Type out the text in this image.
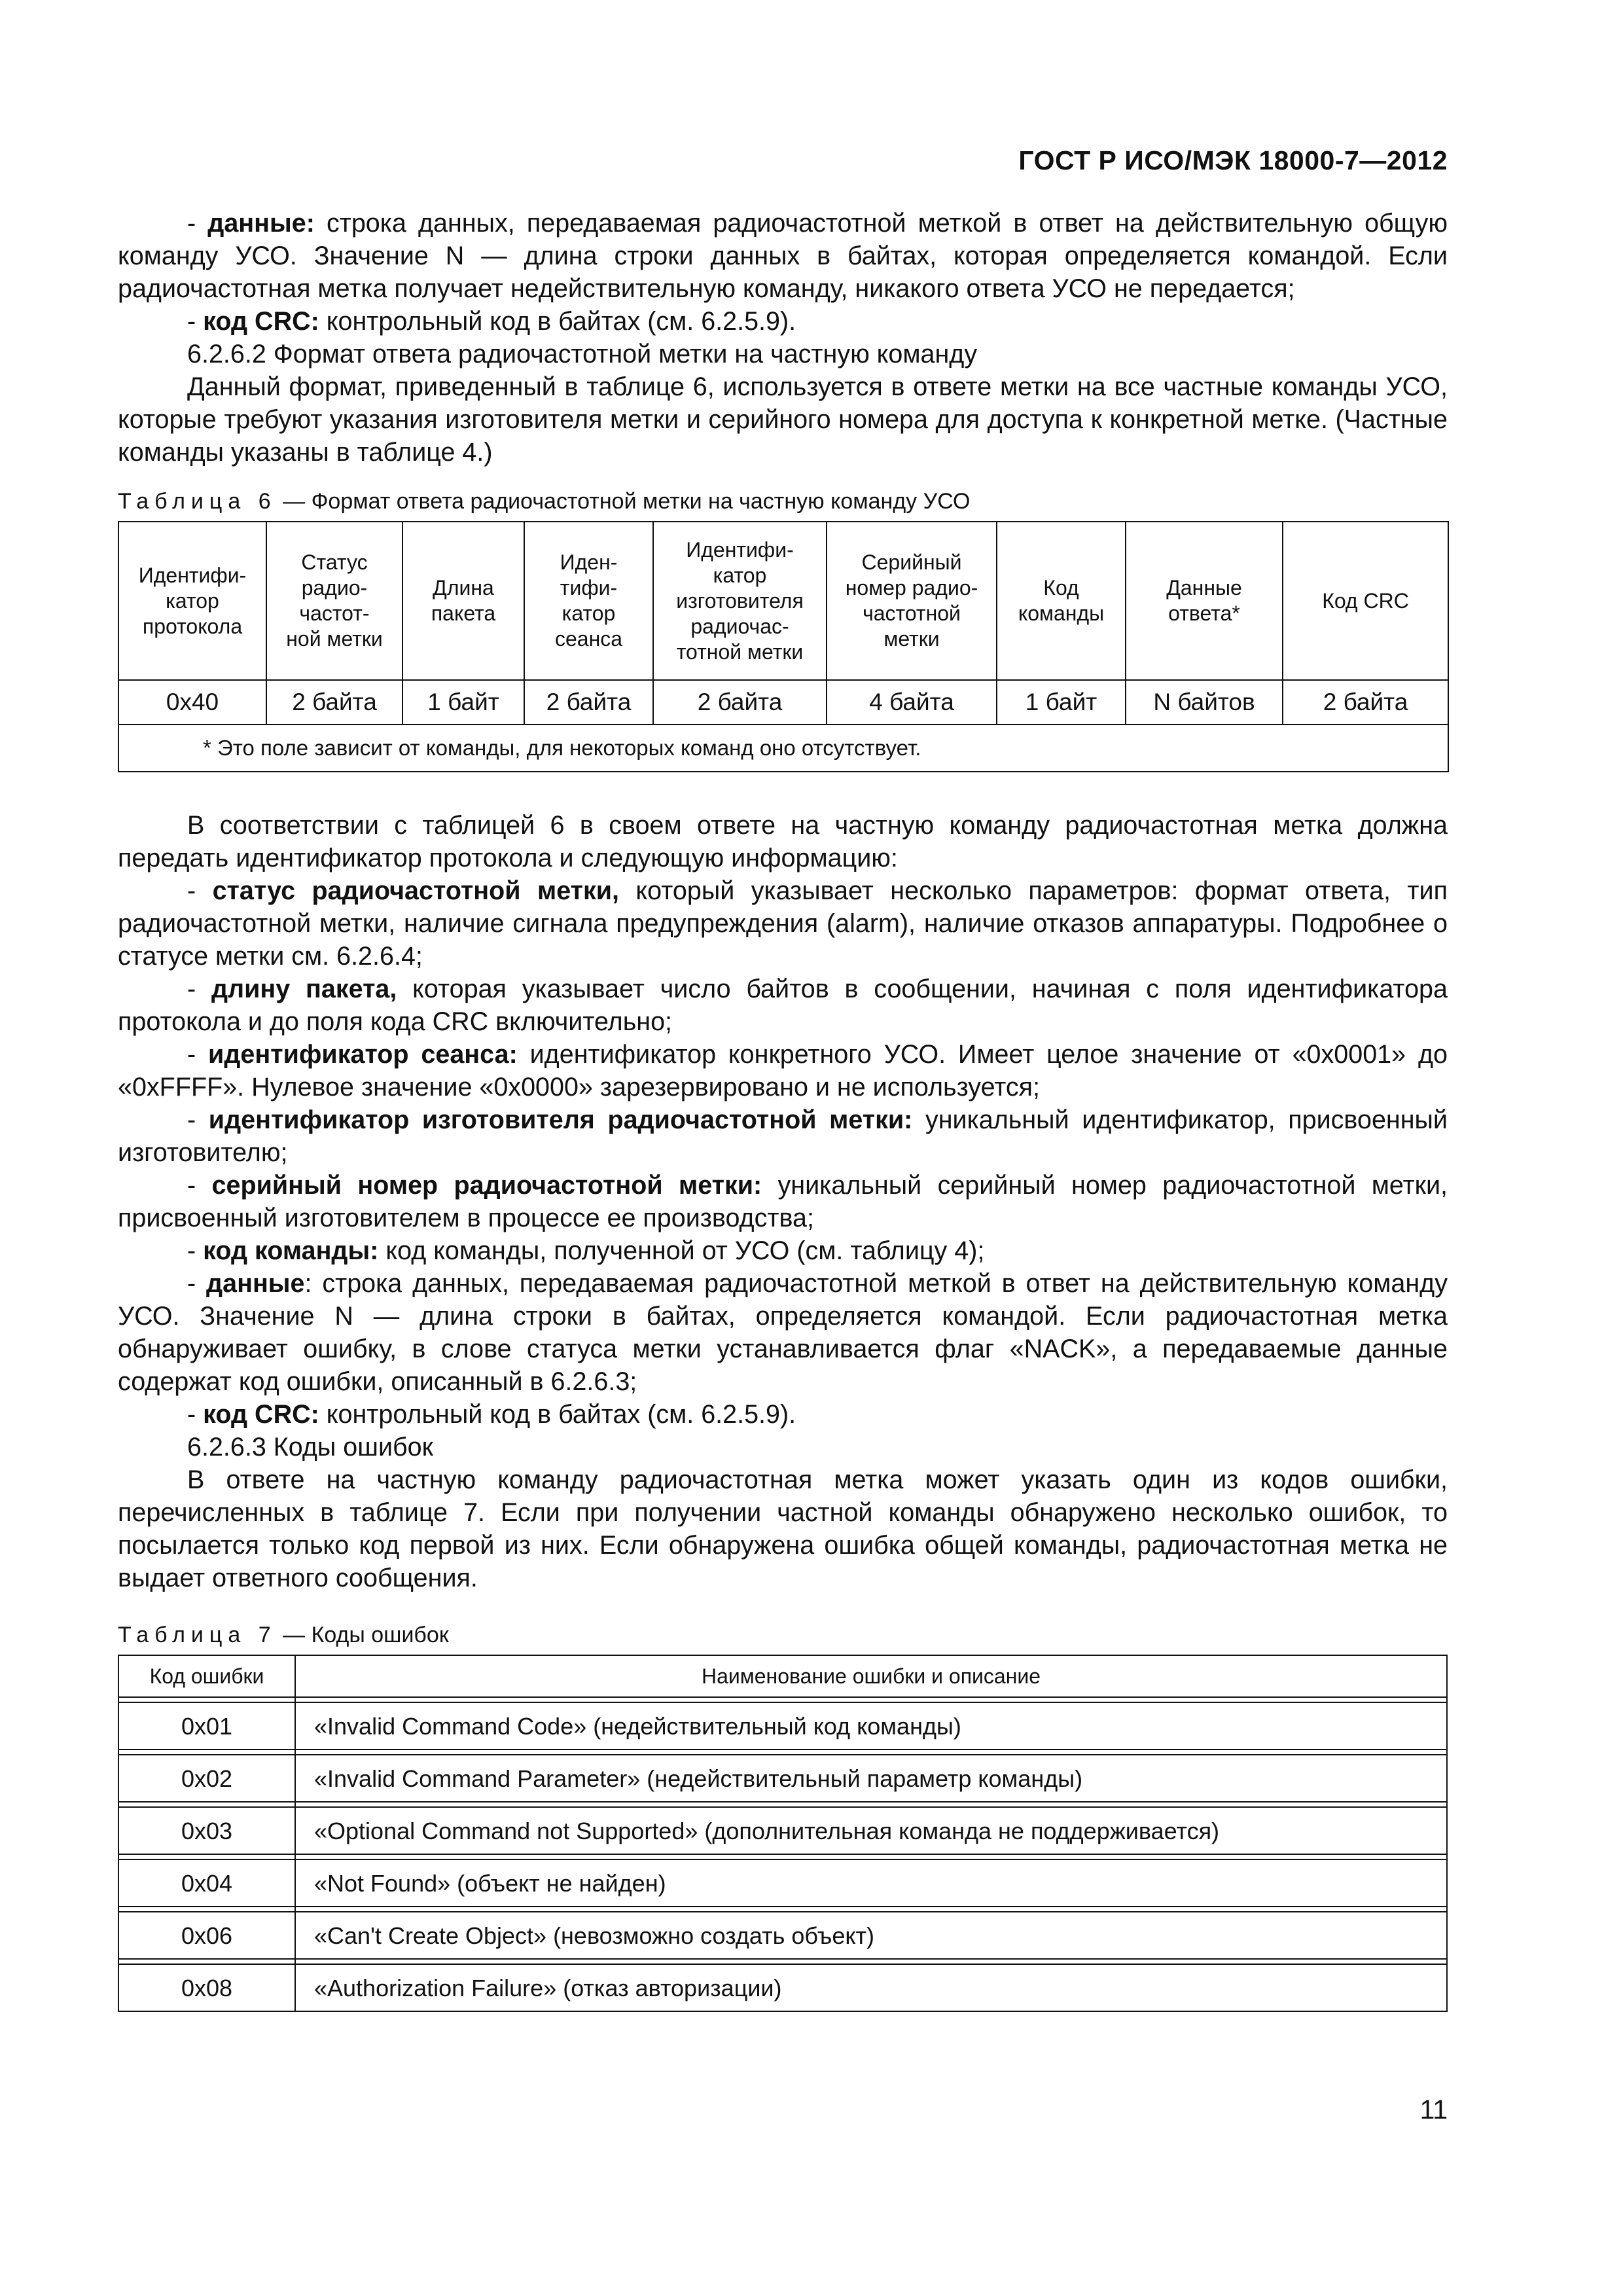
ГОСТ Р ИСО/МЭК 18000-7—2012

- данные: строка данных, передаваемая радиочастотной меткой в ответ на действительную общую команду УСО. Значение N — длина строки данных в байтах, которая определяется командой. Если радиочастотная метка получает недействительную команду, никакого ответа УСО не передается;

- код CRC: контрольный код в байтах (см. 6.2.5.9).

6.2.6.2 Формат ответа радиочастотной метки на частную команду

Данный формат, приведенный в таблице 6, используется в ответе метки на все частные команды УСО, которые требуют указания изготовителя метки и серийного номера для доступа к конкретной метке. (Частные команды указаны в таблице 4.)

Таблица 6 — Формат ответа радиочастотной метки на частную команду УСО
Идентифи-
катор
протокола	Статус
радио-
частот-
ной метки	Длина
пакета	Иден-
тифи-
катор
сеанса	Идентифи-
катор
изготовителя
радиочас-
тотной метки	Серийный
номер радио-
частотной
метки	Код
команды	Данные
ответа*	Код CRC
0x40	2 байта	1 байт	2 байта	2 байта	4 байта	1 байт	N байтов	2 байта
* Это поле зависит от команды, для некоторых команд оно отсутствует.								

В соответствии с таблицей 6 в своем ответе на частную команду радиочастотная метка должна передать идентификатор протокола и следующую информацию:

- статус радиочастотной метки, который указывает несколько параметров: формат ответа, тип радиочастотной метки, наличие сигнала предупреждения (alarm), наличие отказов аппаратуры. Подробнее о статусе метки см. 6.2.6.4;

- длину пакета, которая указывает число байтов в сообщении, начиная с поля идентификатора протокола и до поля кода CRC включительно;

- идентификатор сеанса: идентификатор конкретного УСО. Имеет целое значение от «0x0001» до «0xFFFF». Нулевое значение «0x0000» зарезервировано и не используется;

- идентификатор изготовителя радиочастотной метки: уникальный идентификатор, присвоенный изготовителю;

- серийный номер радиочастотной метки: уникальный серийный номер радиочастотной метки, присвоенный изготовителем в процессе ее производства;

- код команды: код команды, полученной от УСО (см. таблицу 4);

- данные: строка данных, передаваемая радиочастотной меткой в ответ на действительную команду УСО. Значение N — длина строки в байтах, определяется командой. Если радиочастотная метка обнаруживает ошибку, в слове статуса метки устанавливается флаг «NACK», а передаваемые данные содержат код ошибки, описанный в 6.2.6.3;

- код CRC: контрольный код в байтах (см. 6.2.5.9).

6.2.6.3 Коды ошибок

В ответе на частную команду радиочастотная метка может указать один из кодов ошибки, перечисленных в таблице 7. Если при получении частной команды обнаружено несколько ошибок, то посылается только код первой из них. Если обнаружена ошибка общей команды, радиочастотная метка не выдает ответного сообщения.

Таблица 7 — Коды ошибок
Код ошибки	Наименование ошибки и описание

0x01	«Invalid Command Code» (недействительный код команды)

0x02	«Invalid Command Parameter» (недействительный параметр команды)

0x03	«Optional Command not Supported» (дополнительная команда не поддерживается)

0x04	«Not Found» (объект не найден)

0x06	«Can't Create Object» (невозможно создать объект)

0x08	«Authorization Failure» (отказ авторизации)
11
